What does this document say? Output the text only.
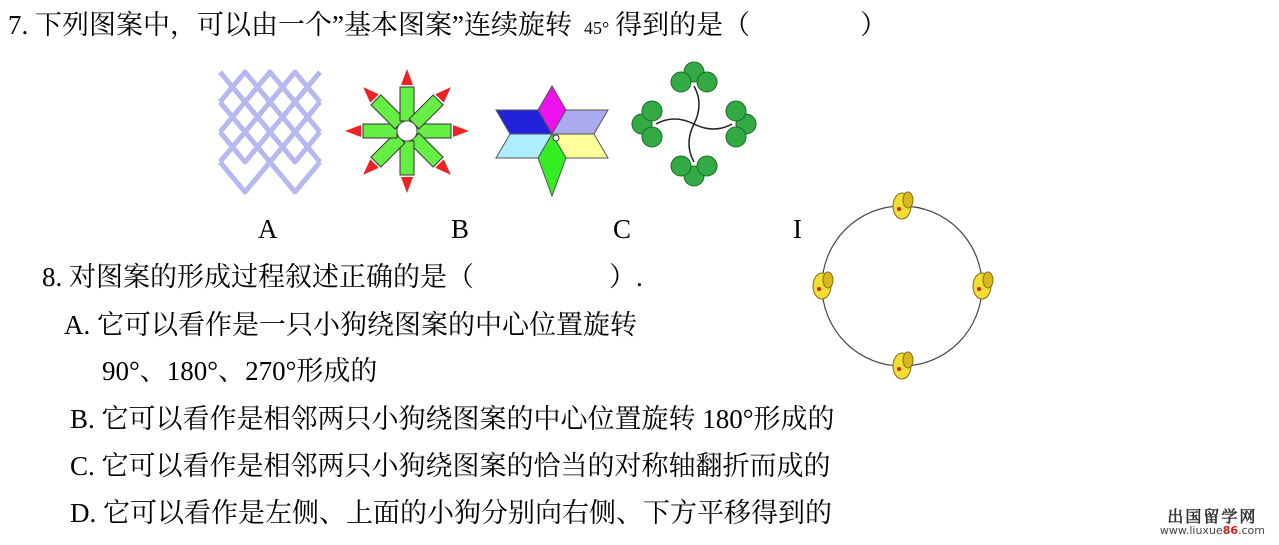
7. 下列图案中，可以由一个”基本图案”连续旋转 45° 得到的是（	）
A	B	C	I
8. 对图案的形成过程叙述正确的是（　　　　　）.
A. 它可以看作是一只小狗绕图案的中心位置旋转
90°、180°、270°形成的
B. 它可以看作是相邻两只小狗绕图案的中心位置旋转 180°形成的
C. 它可以看作是相邻两只小狗绕图案的恰当的对称轴翻折而成的
D. 它可以看作是左侧、上面的小狗分别向右侧、下方平移得到的	出国留学网
www.liuxue86.com
